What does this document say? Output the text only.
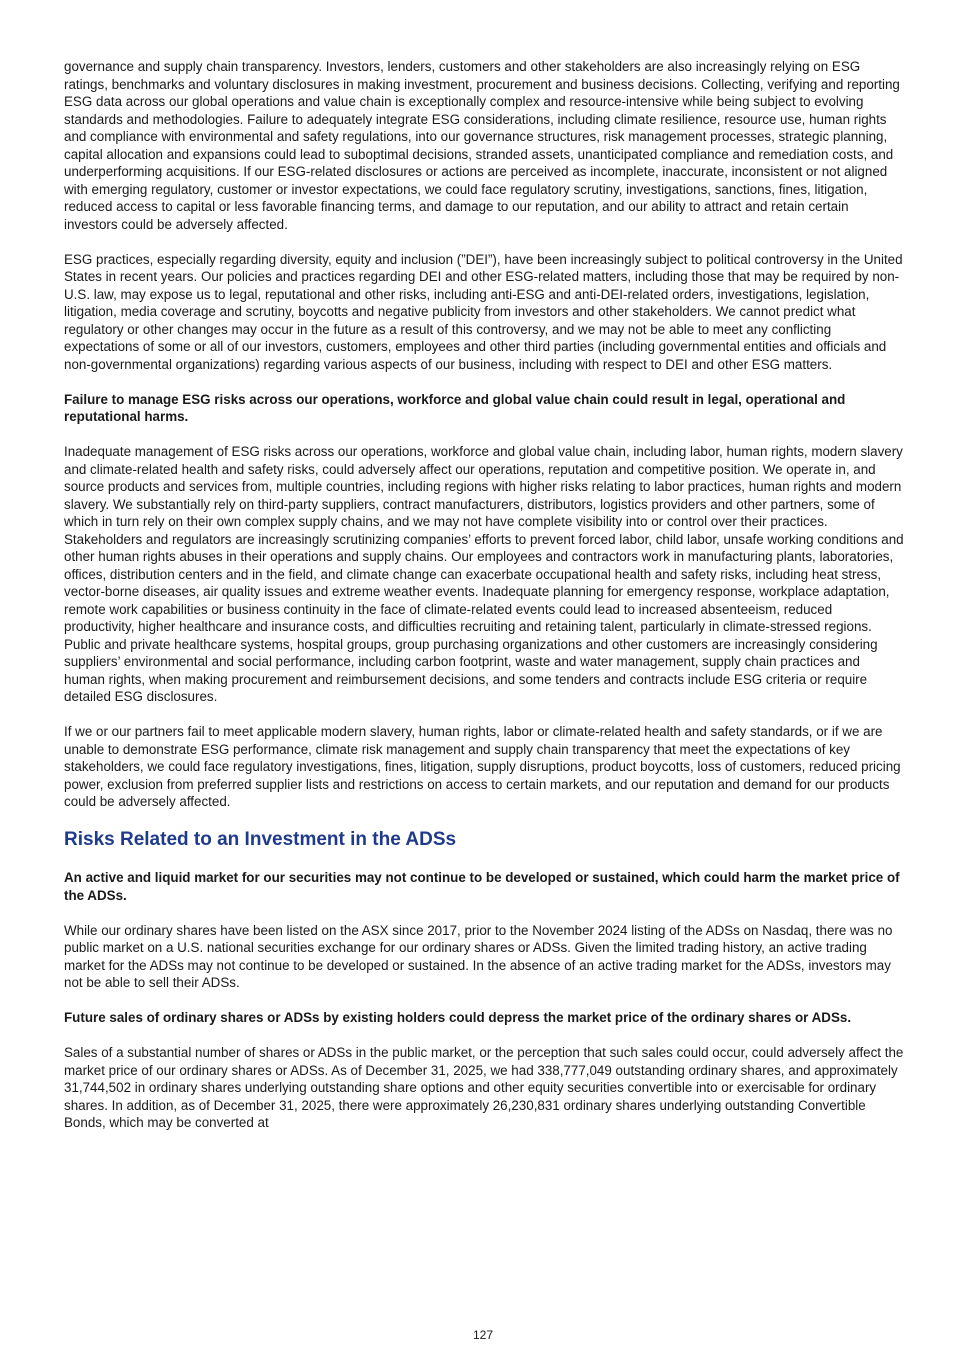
governance and supply chain transparency. Investors, lenders, customers and other stakeholders are also increasingly relying on ESG ratings, benchmarks and voluntary disclosures in making investment, procurement and business decisions. Collecting, verifying and reporting ESG data across our global operations and value chain is exceptionally complex and resource-intensive while being subject to evolving standards and methodologies. Failure to adequately integrate ESG considerations, including climate resilience, resource use, human rights and compliance with environmental and safety regulations, into our governance structures, risk management processes, strategic planning, capital allocation and expansions could lead to suboptimal decisions, stranded assets, unanticipated compliance and remediation costs, and underperforming acquisitions. If our ESG-related disclosures or actions are perceived as incomplete, inaccurate, inconsistent or not aligned with emerging regulatory, customer or investor expectations, we could face regulatory scrutiny, investigations, sanctions, fines, litigation, reduced access to capital or less favorable financing terms, and damage to our reputation, and our ability to attract and retain certain investors could be adversely affected.

ESG practices, especially regarding diversity, equity and inclusion (”DEI”), have been increasingly subject to political controversy in the United States in recent years. Our policies and practices regarding DEI and other ESG-related matters, including those that may be required by non-U.S. law, may expose us to legal, reputational and other risks, including anti-ESG and anti-DEI-related orders, investigations, legislation, litigation, media coverage and scrutiny, boycotts and negative publicity from investors and other stakeholders. We cannot predict what regulatory or other changes may occur in the future as a result of this controversy, and we may not be able to meet any conflicting expectations of some or all of our investors, customers, employees and other third parties (including governmental entities and officials and non-governmental organizations) regarding various aspects of our business, including with respect to DEI and other ESG matters.

Failure to manage ESG risks across our operations, workforce and global value chain could result in legal, operational and reputational harms.

Inadequate management of ESG risks across our operations, workforce and global value chain, including labor, human rights, modern slavery and climate-related health and safety risks, could adversely affect our operations, reputation and competitive position. We operate in, and source products and services from, multiple countries, including regions with higher risks relating to labor practices, human rights and modern slavery. We substantially rely on third-party suppliers, contract manufacturers, distributors, logistics providers and other partners, some of which in turn rely on their own complex supply chains, and we may not have complete visibility into or control over their practices. Stakeholders and regulators are increasingly scrutinizing companies’ efforts to prevent forced labor, child labor, unsafe working conditions and other human rights abuses in their operations and supply chains. Our employees and contractors work in manufacturing plants, laboratories, offices, distribution centers and in the field, and climate change can exacerbate occupational health and safety risks, including heat stress, vector-borne diseases, air quality issues and extreme weather events. Inadequate planning for emergency response, workplace adaptation, remote work capabilities or business continuity in the face of climate-related events could lead to increased absenteeism, reduced productivity, higher healthcare and insurance costs, and difficulties recruiting and retaining talent, particularly in climate-stressed regions. Public and private healthcare systems, hospital groups, group purchasing organizations and other customers are increasingly considering suppliers’ environmental and social performance, including carbon footprint, waste and water management, supply chain practices and human rights, when making procurement and reimbursement decisions, and some tenders and contracts include ESG criteria or require detailed ESG disclosures.

If we or our partners fail to meet applicable modern slavery, human rights, labor or climate-related health and safety standards, or if we are unable to demonstrate ESG performance, climate risk management and supply chain transparency that meet the expectations of key stakeholders, we could face regulatory investigations, fines, litigation, supply disruptions, product boycotts, loss of customers, reduced pricing power, exclusion from preferred supplier lists and restrictions on access to certain markets, and our reputation and demand for our products could be adversely affected.

Risks Related to an Investment in the ADSs

An active and liquid market for our securities may not continue to be developed or sustained, which could harm the market price of the ADSs.

While our ordinary shares have been listed on the ASX since 2017, prior to the November 2024 listing of the ADSs on Nasdaq, there was no public market on a U.S. national securities exchange for our ordinary shares or ADSs. Given the limited trading history, an active trading market for the ADSs may not continue to be developed or sustained. In the absence of an active trading market for the ADSs, investors may not be able to sell their ADSs.

Future sales of ordinary shares or ADSs by existing holders could depress the market price of the ordinary shares or ADSs.

Sales of a substantial number of shares or ADSs in the public market, or the perception that such sales could occur, could adversely affect the market price of our ordinary shares or ADSs. As of December 31, 2025, we had 338,777,049 outstanding ordinary shares, and approximately 31,744,502 in ordinary shares underlying outstanding share options and other equity securities convertible into or exercisable for ordinary shares. In addition, as of December 31, 2025, there were approximately 26,230,831 ordinary shares underlying outstanding Convertible Bonds, which may be converted at

127
